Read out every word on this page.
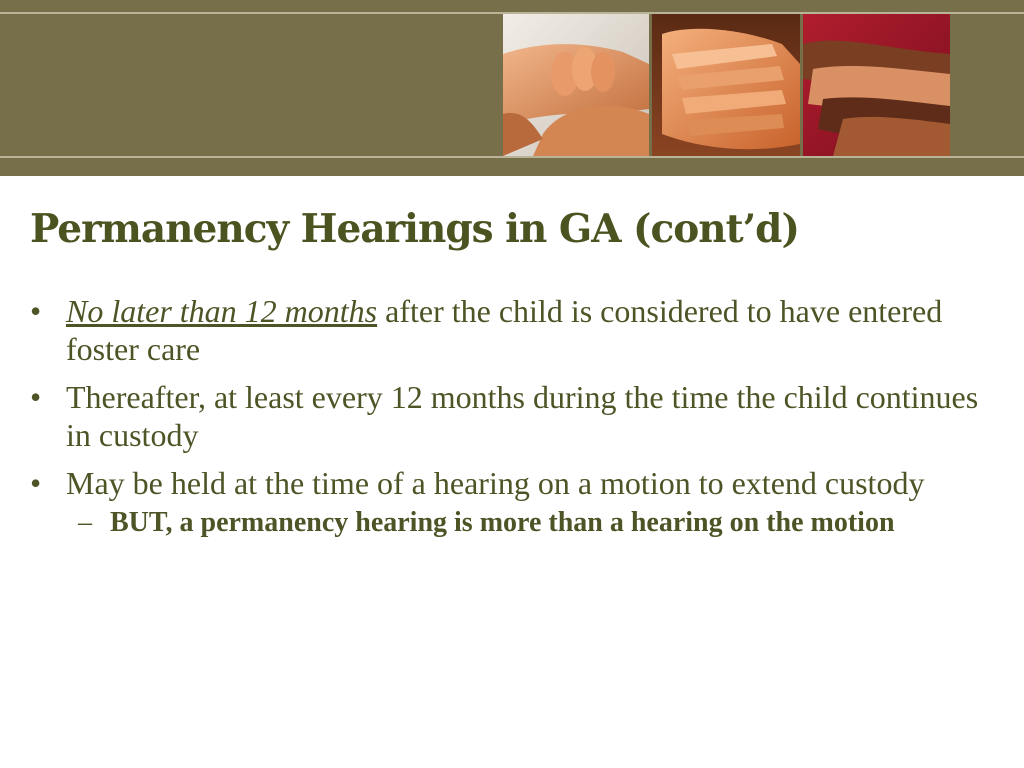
Permanency Hearings in GA (cont’d)
• No later than 12 months after the child is considered to have entered foster care
• Thereafter, at least every 12 months during the time the child continues in custody
• May be held at the time of a hearing on a motion to extend custody
– BUT, a permanency hearing is more than a hearing on the motion
